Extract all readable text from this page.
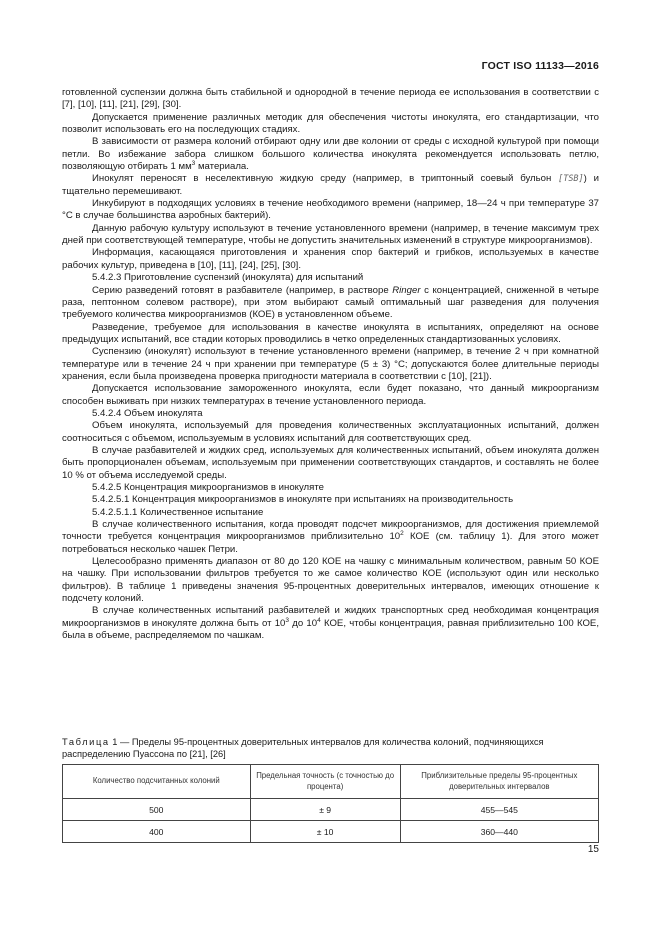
ГОСТ ISO 11133—2016

готовленной суспензии должна быть стабильной и однородной в течение периода ее использования в соответствии с [7], [10], [11], [21], [29], [30].

Допускается применение различных методик для обеспечения чистоты инокулята, его стандартизации, что позволит использовать его на последующих стадиях.

В зависимости от размера колоний отбирают одну или две колонии от среды с исходной культурой при помощи петли. Во избежание забора слишком большого количества инокулята рекомендуется использовать петлю, позволяющую отбирать 1 $мм^3$ материала.

Инокулят переносят в неселективную жидкую среду (например, в триптонный соевый бульон [TSB]) и тщательно перемешивают.

Инкубируют в подходящих условиях в течение необходимого времени (например, 18—24 ч при температуре 37 °C в случае большинства аэробных бактерий).

Данную рабочую культуру используют в течение установленного времени (например, в течение максимум трех дней при соответствующей температуре, чтобы не допустить значительных изменений в структуре микроорганизмов).

Информация, касающаяся приготовления и хранения спор бактерий и грибков, используемых в качестве рабочих культур, приведена в [10], [11], [24], [25], [30].

5.4.2.3 Приготовление суспензий (инокулята) для испытаний

Серию разведений готовят в разбавителе (например, в растворе Ringer с концентрацией, сниженной в четыре раза, пептонном солевом растворе), при этом выбирают самый оптимальный шаг разведения для получения требуемого количества микроорганизмов (КОЕ) в установленном объеме.

Разведение, требуемое для использования в качестве инокулята в испытаниях, определяют на основе предыдущих испытаний, все стадии которых проводились в четко определенных стандартизованных условиях.

Суспензию (инокулят) используют в течение установленного времени (например, в течение 2 ч при комнатной температуре или в течение 24 ч при хранении при температуре (5 ± 3) °C; допускаются более длительные периоды хранения, если была произведена проверка пригодности материала в соответствии с [10], [21]).

Допускается использование замороженного инокулята, если будет показано, что данный микроорганизм способен выживать при низких температурах в течение установленного периода.

5.4.2.4 Объем инокулята

Объем инокулята, используемый для проведения количественных эксплуатационных испытаний, должен соотноситься с объемом, используемым в условиях испытаний для соответствующих сред.

В случае разбавителей и жидких сред, используемых для количественных испытаний, объем инокулята должен быть пропорционален объемам, используемым при применении соответствующих стандартов, и составлять не более 10 % от объема исследуемой среды.

5.4.2.5 Концентрация микроорганизмов в инокуляте

5.4.2.5.1 Концентрация микроорганизмов в инокуляте при испытаниях на производительность

5.4.2.5.1.1 Количественное испытание

В случае количественного испытания, когда проводят подсчет микроорганизмов, для достижения приемлемой точности требуется концентрация микроорганизмов приблизительно $10^2$ КОЕ (см. таблицу 1). Для этого может потребоваться несколько чашек Петри.

Целесообразно применять диапазон от 80 до 120 КОЕ на чашку с минимальным количеством, равным 50 КОЕ на чашку. При использовании фильтров требуется то же самое количество КОЕ (используют один или несколько фильтров). В таблице 1 приведены значения 95-процентных доверительных интервалов, имеющих отношение к подсчету колоний.

В случае количественных испытаний разбавителей и жидких транспортных сред необходимая концентрация микроорганизмов в инокуляте должна быть от $10^3$ до $10^4$ КОЕ, чтобы концентрация, равная приблизительно 100 КОЕ, была в объеме, распределяемом по чашкам.

Таблица 1 — Пределы 95-процентных доверительных интервалов для количества колоний, подчиняющихся распределению Пуассона по [21], [26]
Количество подсчитанных колоний	Предельная точность (с точностью до процента)	Приблизительные пределы 95-процентных доверительных интервалов
500	± 9	455—545
400	± 10	360—440
15
